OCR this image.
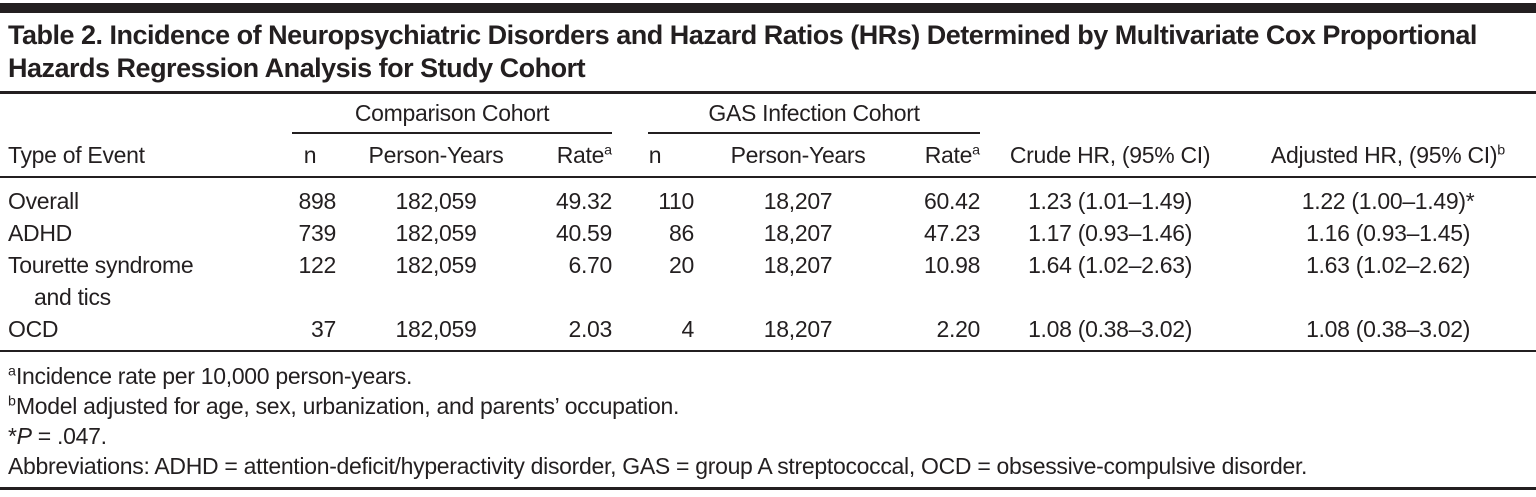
Table 2. Incidence of Neuropsychiatric Disorders and Hazard Ratios (HRs) Determined by Multivariate Cox Proportional Hazards Regression Analysis for Study Cohort

	Comparison Cohort			GAS Infection Cohort				

Type of Event	n	Person-Years	Rate$^a$	n	Person-Years	Rate$^a$	Crude HR, (95% CI)	Adjusted HR, (95% CI)$^b$
Overall	898	182,059	49.32	110	18,207	60.42	1.23 (1.01–1.49)	1.22 (1.00–1.49)*
ADHD	739	182,059	40.59	86	18,207	47.23	1.17 (0.93–1.46)	1.16 (0.93–1.45)

Tourette syndrome
and tics	122	182,059	6.70	20	18,207	10.98	1.64 (1.02–2.63)	1.63 (1.02–2.62)
OCD	37	182,059	2.03	4	18,207	2.20	1.08 (0.38–3.02)	1.08 (0.38–3.02)
$^a$Incidence rate per 10,000 person-years.
$^b$Model adjusted for age, sex, urbanization, and parents’ occupation.
*P = .047.
Abbreviations: ADHD = attention-deficit/hyperactivity disorder, GAS = group A streptococcal, OCD = obsessive-compulsive disorder.
